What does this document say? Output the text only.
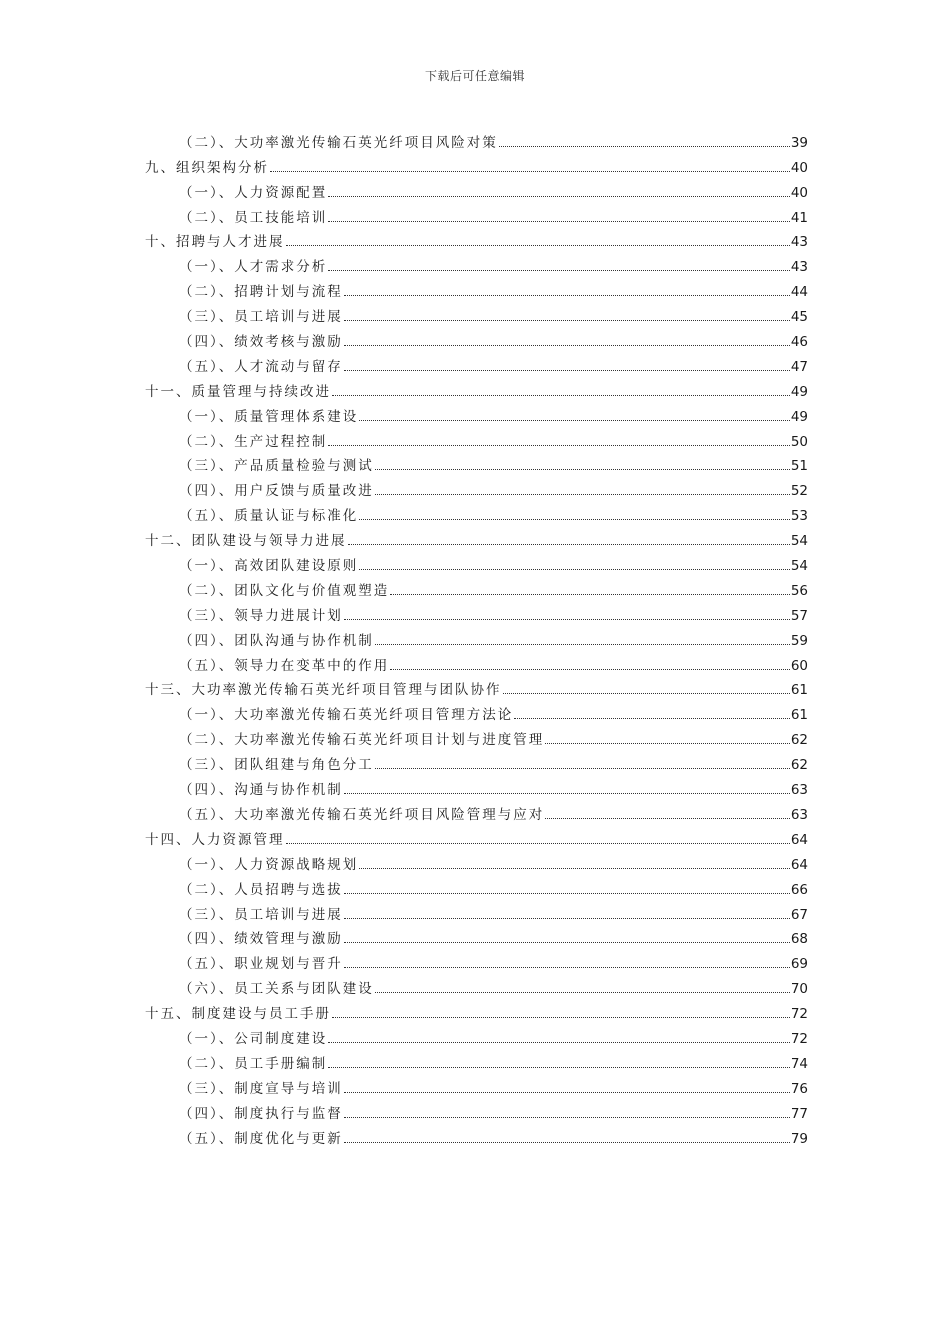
下载后可任意编辑
（二）、大功率激光传输石英光纤项目风险对策	39
九、组织架构分析	40
（一）、人力资源配置	40
（二）、员工技能培训	41
十、招聘与人才进展	43
（一）、人才需求分析	43
（二）、招聘计划与流程	44
（三）、员工培训与进展	45
（四）、绩效考核与激励	46
（五）、人才流动与留存	47
十一、质量管理与持续改进	49
（一）、质量管理体系建设	49
（二）、生产过程控制	50
（三）、产品质量检验与测试	51
（四）、用户反馈与质量改进	52
（五）、质量认证与标准化	53
十二、团队建设与领导力进展	54
（一）、高效团队建设原则	54
（二）、团队文化与价值观塑造	56
（三）、领导力进展计划	57
（四）、团队沟通与协作机制	59
（五）、领导力在变革中的作用	60
十三、大功率激光传输石英光纤项目管理与团队协作	61
（一）、大功率激光传输石英光纤项目管理方法论	61
（二）、大功率激光传输石英光纤项目计划与进度管理	62
（三）、团队组建与角色分工	62
（四）、沟通与协作机制	63
（五）、大功率激光传输石英光纤项目风险管理与应对	63
十四、人力资源管理	64
（一）、人力资源战略规划	64
（二）、人员招聘与选拔	66
（三）、员工培训与进展	67
（四）、绩效管理与激励	68
（五）、职业规划与晋升	69
（六）、员工关系与团队建设	70
十五、制度建设与员工手册	72
（一）、公司制度建设	72
（二）、员工手册编制	74
（三）、制度宣导与培训	76
（四）、制度执行与监督	77
（五）、制度优化与更新	79
